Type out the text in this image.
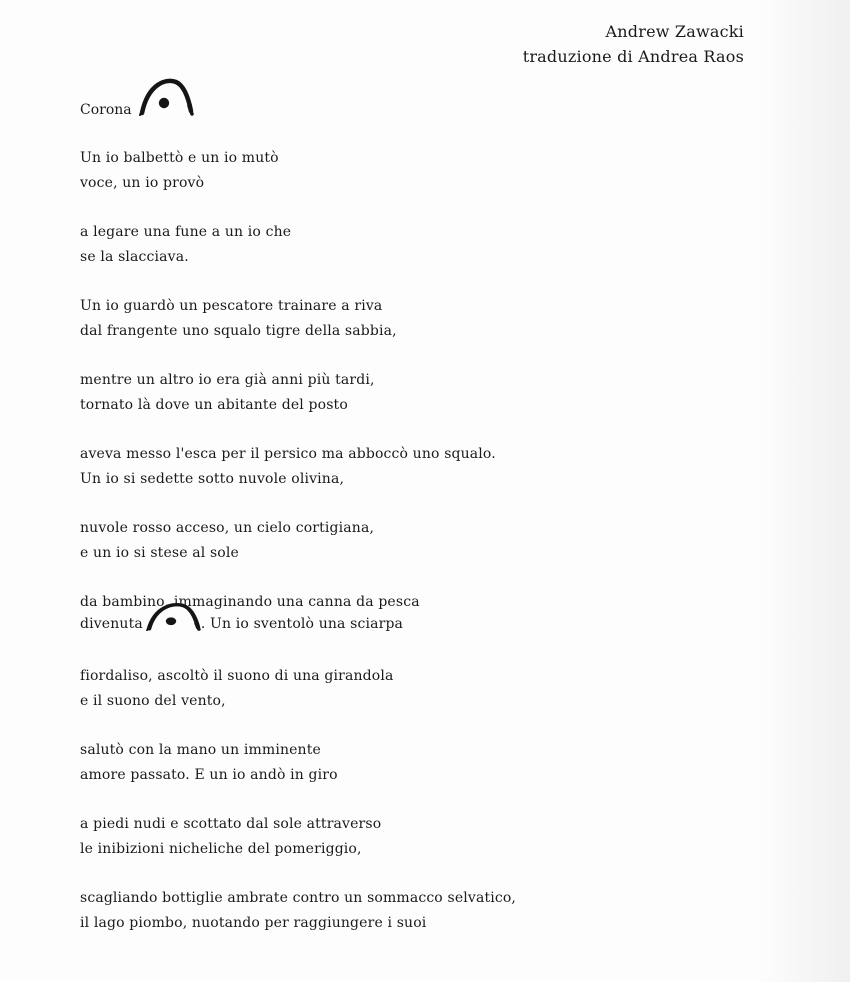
Andrew Zawacki
traduzione di Andrea Raos
Corona
Un io balbettò e un io mutò
voce, un io provò
a legare una fune a un io che
se la slacciava.
Un io guardò un pescatore trainare a riva
dal frangente uno squalo tigre della sabbia,
mentre un altro io era già anni più tardi,
tornato là dove un abitante del posto
aveva messo l'esca per il persico ma abboccò uno squalo.
Un io si sedette sotto nuvole olivina,
nuvole rosso acceso, un cielo cortigiana,
e un io si stese al sole
da bambino, immaginando una canna da pesca
divenuta	. Un io sventolò una sciarpa
fiordaliso, ascoltò il suono di una girandola
e il suono del vento,
salutò con la mano un imminente
amore passato. E un io andò in giro
a piedi nudi e scottato dal sole attraverso
le inibizioni nicheliche del pomeriggio,
scagliando bottiglie ambrate contro un sommacco selvatico,
il lago piombo, nuotando per raggiungere i suoi
